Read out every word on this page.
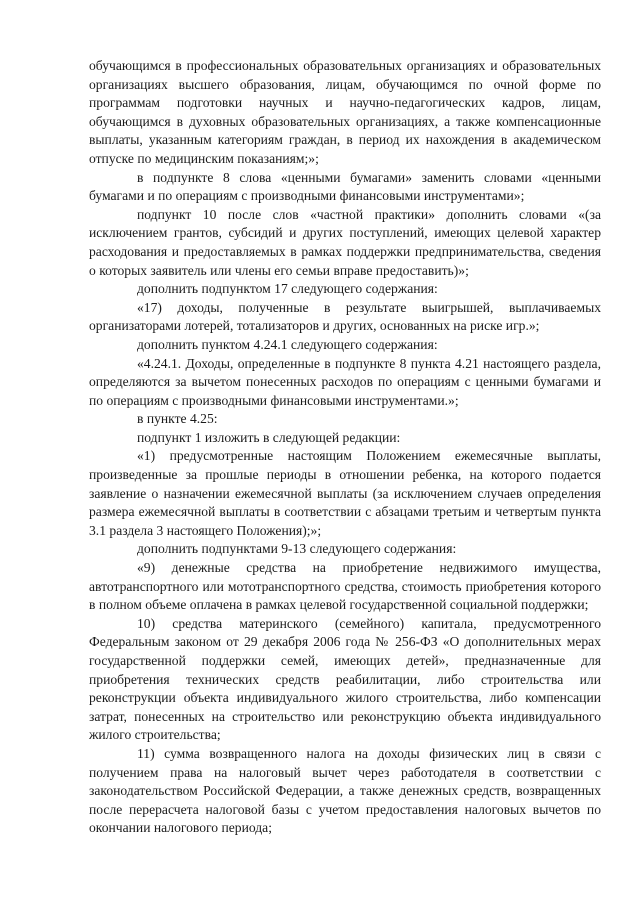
обучающимся в профессиональных образовательных организациях и образовательных организациях высшего образования, лицам, обучающимся по очной форме по программам подготовки научных и научно-педагогических кадров, лицам, обучающимся в духовных образовательных организациях, а также компенсационные выплаты, указанным категориям граждан, в период их нахождения в академическом отпуске по медицинским показаниям;»;

в подпункте 8 слова «ценными бумагами» заменить словами «ценными бумагами и по операциям с производными финансовыми инструментами»;

подпункт 10 после слов «частной практики» дополнить словами «(за исключением грантов, субсидий и других поступлений, имеющих целевой характер расходования и предоставляемых в рамках поддержки предпринимательства, сведения о которых заявитель или члены его семьи вправе предоставить)»;

дополнить подпунктом 17 следующего содержания:

«17) доходы, полученные в результате выигрышей, выплачиваемых организаторами лотерей, тотализаторов и других, основанных на риске игр.»;

дополнить пунктом 4.24.1 следующего содержания:

«4.24.1. Доходы, определенные в подпункте 8 пункта 4.21 настоящего раздела, определяются за вычетом понесенных расходов по операциям с ценными бумагами и по операциям с производными финансовыми инструментами.»;

в пункте 4.25:

подпункт 1 изложить в следующей редакции:

«1) предусмотренные настоящим Положением ежемесячные выплаты, произведенные за прошлые периоды в отношении ребенка, на которого подается заявление о назначении ежемесячной выплаты (за исключением случаев определения размера ежемесячной выплаты в соответствии с абзацами третьим и четвертым пункта 3.1 раздела 3 настоящего Положения);»;

дополнить подпунктами 9-13 следующего содержания:

«9) денежные средства на приобретение недвижимого имущества, автотранспортного или мототранспортного средства, стоимость приобретения которого в полном объеме оплачена в рамках целевой государственной социальной поддержки;

10) средства материнского (семейного) капитала, предусмотренного Федеральным законом от 29 декабря 2006 года № 256-ФЗ «О дополнительных мерах государственной поддержки семей, имеющих детей», предназначенные для приобретения технических средств реабилитации, либо строительства или реконструкции объекта индивидуального жилого строительства, либо компенсации затрат, понесенных на строительство или реконструкцию объекта индивидуального жилого строительства;

11) сумма возвращенного налога на доходы физических лиц в связи с получением права на налоговый вычет через работодателя в соответствии с законодательством Российской Федерации, а также денежных средств, возвращенных после перерасчета налоговой базы с учетом предоставления налоговых вычетов по окончании налогового периода;
